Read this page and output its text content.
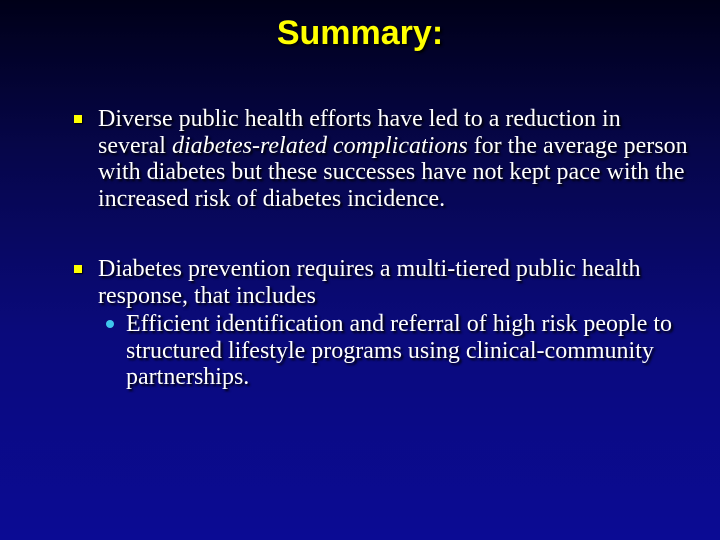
Summary:
Diverse public health efforts have led to a reduction in several diabetes-related complications for the average person with diabetes but these successes have not kept pace with the increased risk of diabetes incidence.
Diabetes prevention requires a multi-tiered public health response, that includes
Efficient identification and referral of high risk people to structured lifestyle programs using clinical-community partnerships.
